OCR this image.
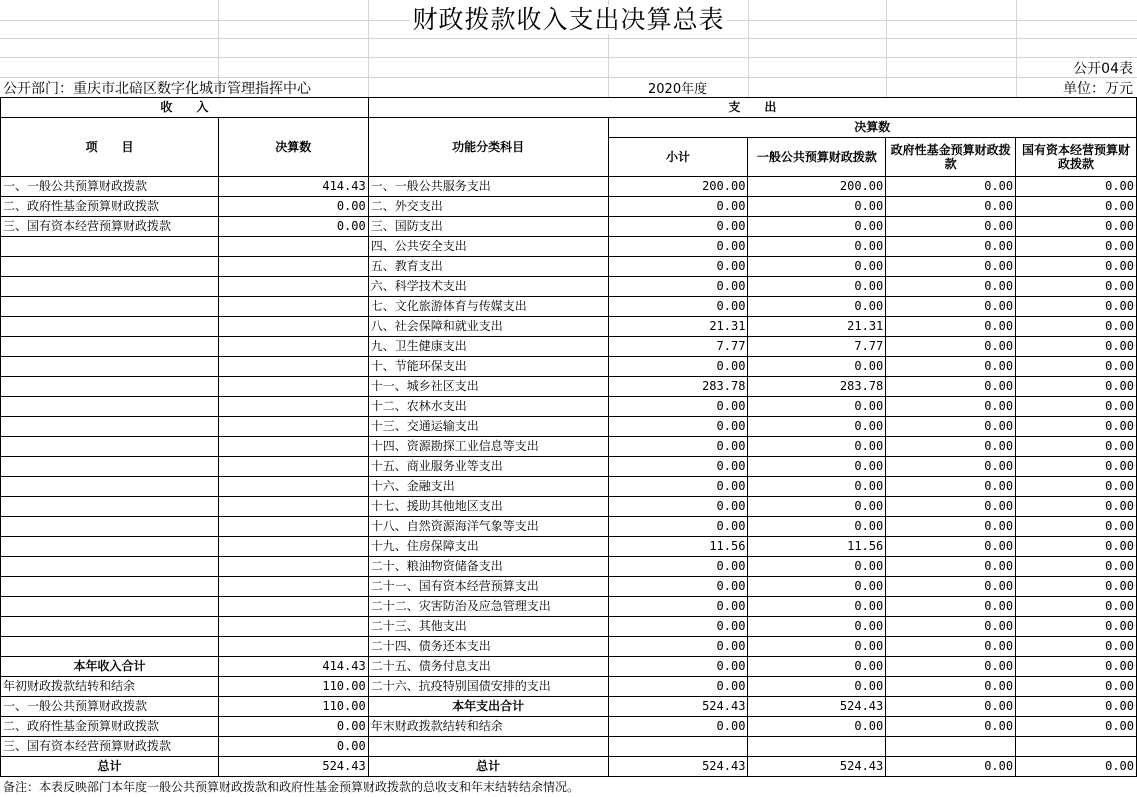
财政拨款收入支出决算总表
公开04表
公开部门：重庆市北碚区数字化城市管理指挥中心	2020年度	单位：万元
收　　入		支　　出				
项　　目	决算数	功能分类科目	决算数			
			小计	一般公共预算财政拨款	政府性基金预算财政拨款	国有资本经营预算财政拨款

一、一般公共预算财政拨款	414.43	一、一般公共服务支出	200.00	200.00	0.00	0.00
二、政府性基金预算财政拨款	0.00	二、外交支出	0.00	0.00	0.00	0.00
三、国有资本经营预算财政拨款	0.00	三、国防支出	0.00	0.00	0.00	0.00
		四、公共安全支出	0.00	0.00	0.00	0.00
		五、教育支出	0.00	0.00	0.00	0.00
		六、科学技术支出	0.00	0.00	0.00	0.00
		七、文化旅游体育与传媒支出	0.00	0.00	0.00	0.00
		八、社会保障和就业支出	21.31	21.31	0.00	0.00
		九、卫生健康支出	7.77	7.77	0.00	0.00
		十、节能环保支出	0.00	0.00	0.00	0.00
		十一、城乡社区支出	283.78	283.78	0.00	0.00
		十二、农林水支出	0.00	0.00	0.00	0.00
		十三、交通运输支出	0.00	0.00	0.00	0.00
		十四、资源勘探工业信息等支出	0.00	0.00	0.00	0.00
		十五、商业服务业等支出	0.00	0.00	0.00	0.00
		十六、金融支出	0.00	0.00	0.00	0.00
		十七、援助其他地区支出	0.00	0.00	0.00	0.00
		十八、自然资源海洋气象等支出	0.00	0.00	0.00	0.00
		十九、住房保障支出	11.56	11.56	0.00	0.00
		二十、粮油物资储备支出	0.00	0.00	0.00	0.00
		二十一、国有资本经营预算支出	0.00	0.00	0.00	0.00
		二十二、灾害防治及应急管理支出	0.00	0.00	0.00	0.00
		二十三、其他支出	0.00	0.00	0.00	0.00
		二十四、债务还本支出	0.00	0.00	0.00	0.00
本年收入合计	414.43	二十五、债务付息支出	0.00	0.00	0.00	0.00
年初财政拨款结转和结余	110.00	二十六、抗疫特别国债安排的支出	0.00	0.00	0.00	0.00
一、一般公共预算财政拨款	110.00	本年支出合计	524.43	524.43	0.00	0.00
二、政府性基金预算财政拨款	0.00	年末财政拨款结转和结余	0.00	0.00	0.00	0.00
三、国有资本经营预算财政拨款	0.00					
总计	524.43	总计	524.43	524.43	0.00	0.00
备注：本表反映部门本年度一般公共预算财政拨款和政府性基金预算财政拨款的总收支和年末结转结余情况。
